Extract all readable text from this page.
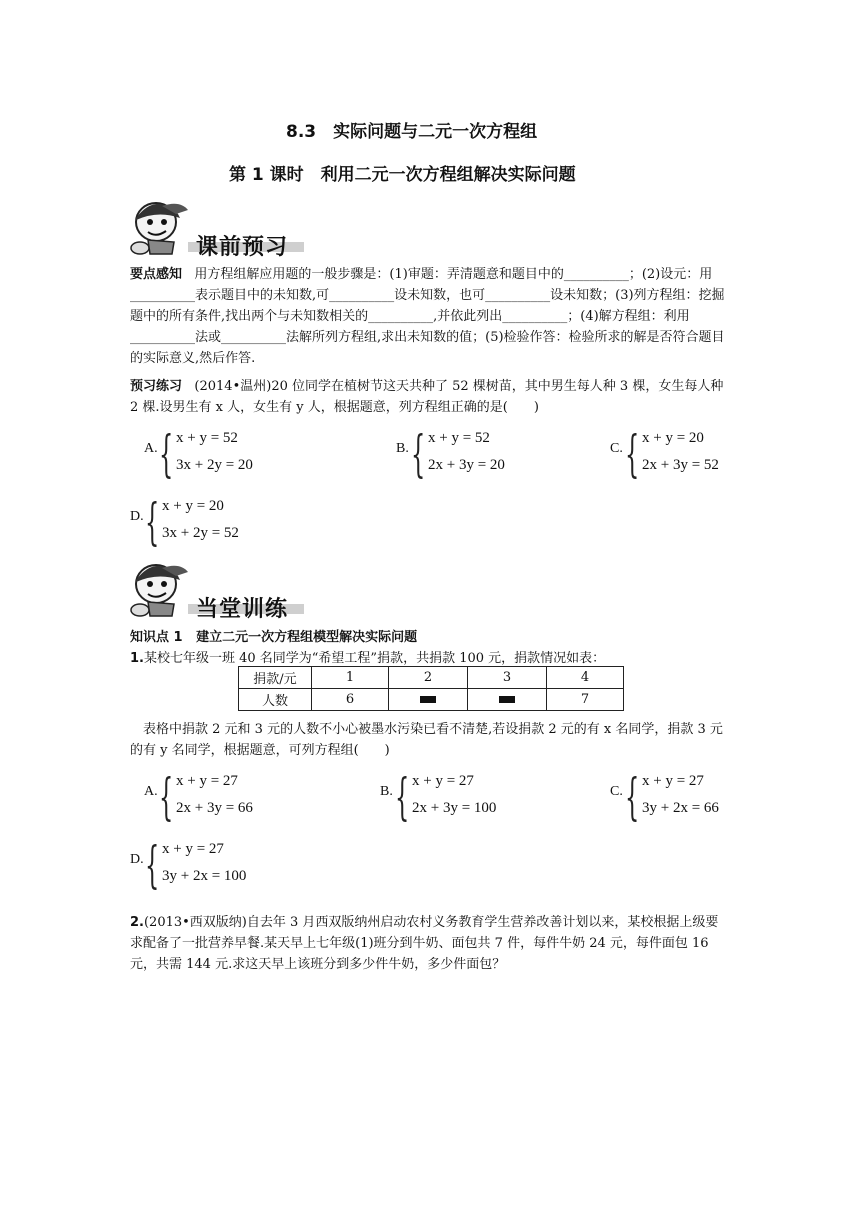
8.3　实际问题与二元一次方程组
第 1 课时　利用二元一次方程组解决实际问题
课前预习
要点感知 用方程组解应用题的一般步骤是：(1)审题：弄清题意和题目中的__________；(2)设元：用__________表示题目中的未知数,可__________设未知数，也可__________设未知数；(3)列方程组：挖掘题中的所有条件,找出两个与未知数相关的__________,并依此列出__________；(4)解方程组：利用__________法或__________法解所列方程组,求出未知数的值；(5)检验作答：检验所求的解是否符合题目的实际意义,然后作答.
预习练习 (2014•温州)20 位同学在植树节这天共种了 52 棵树苗，其中男生每人种 3 棵，女生每人种 2 棵.设男生有 x 人，女生有 y 人，根据题意，列方程组正确的是(　　)
A. { x + y = 52
3x + 2y = 20
B. { x + y = 52
2x + 3y = 20
C. { x + y = 20
2x + 3y = 52
D. { x + y = 20
3x + 2y = 52
当堂训练
知识点 1 建立二元一次方程组模型解决实际问题
1.某校七年级一班 40 名同学为“希望工程”捐款，共捐款 100 元，捐款情况如表：
捐款/元	1	2	3	4
人数	6			7
表格中捐款 2 元和 3 元的人数不小心被墨水污染已看不清楚,若设捐款 2 元的有 x 名同学，捐款 3 元的有 y 名同学，根据题意，可列方程组(　　)
A. { x + y = 27
2x + 3y = 66
B. { x + y = 27
2x + 3y = 100
C. { x + y = 27
3y + 2x = 66
D. { x + y = 27
3y + 2x = 100
2.(2013•西双版纳)自去年 3 月西双版纳州启动农村义务教育学生营养改善计划以来，某校根据上级要求配备了一批营养早餐.某天早上七年级(1)班分到牛奶、面包共 7 件，每件牛奶 24 元，每件面包 16 元，共需 144 元.求这天早上该班分到多少件牛奶，多少件面包？
